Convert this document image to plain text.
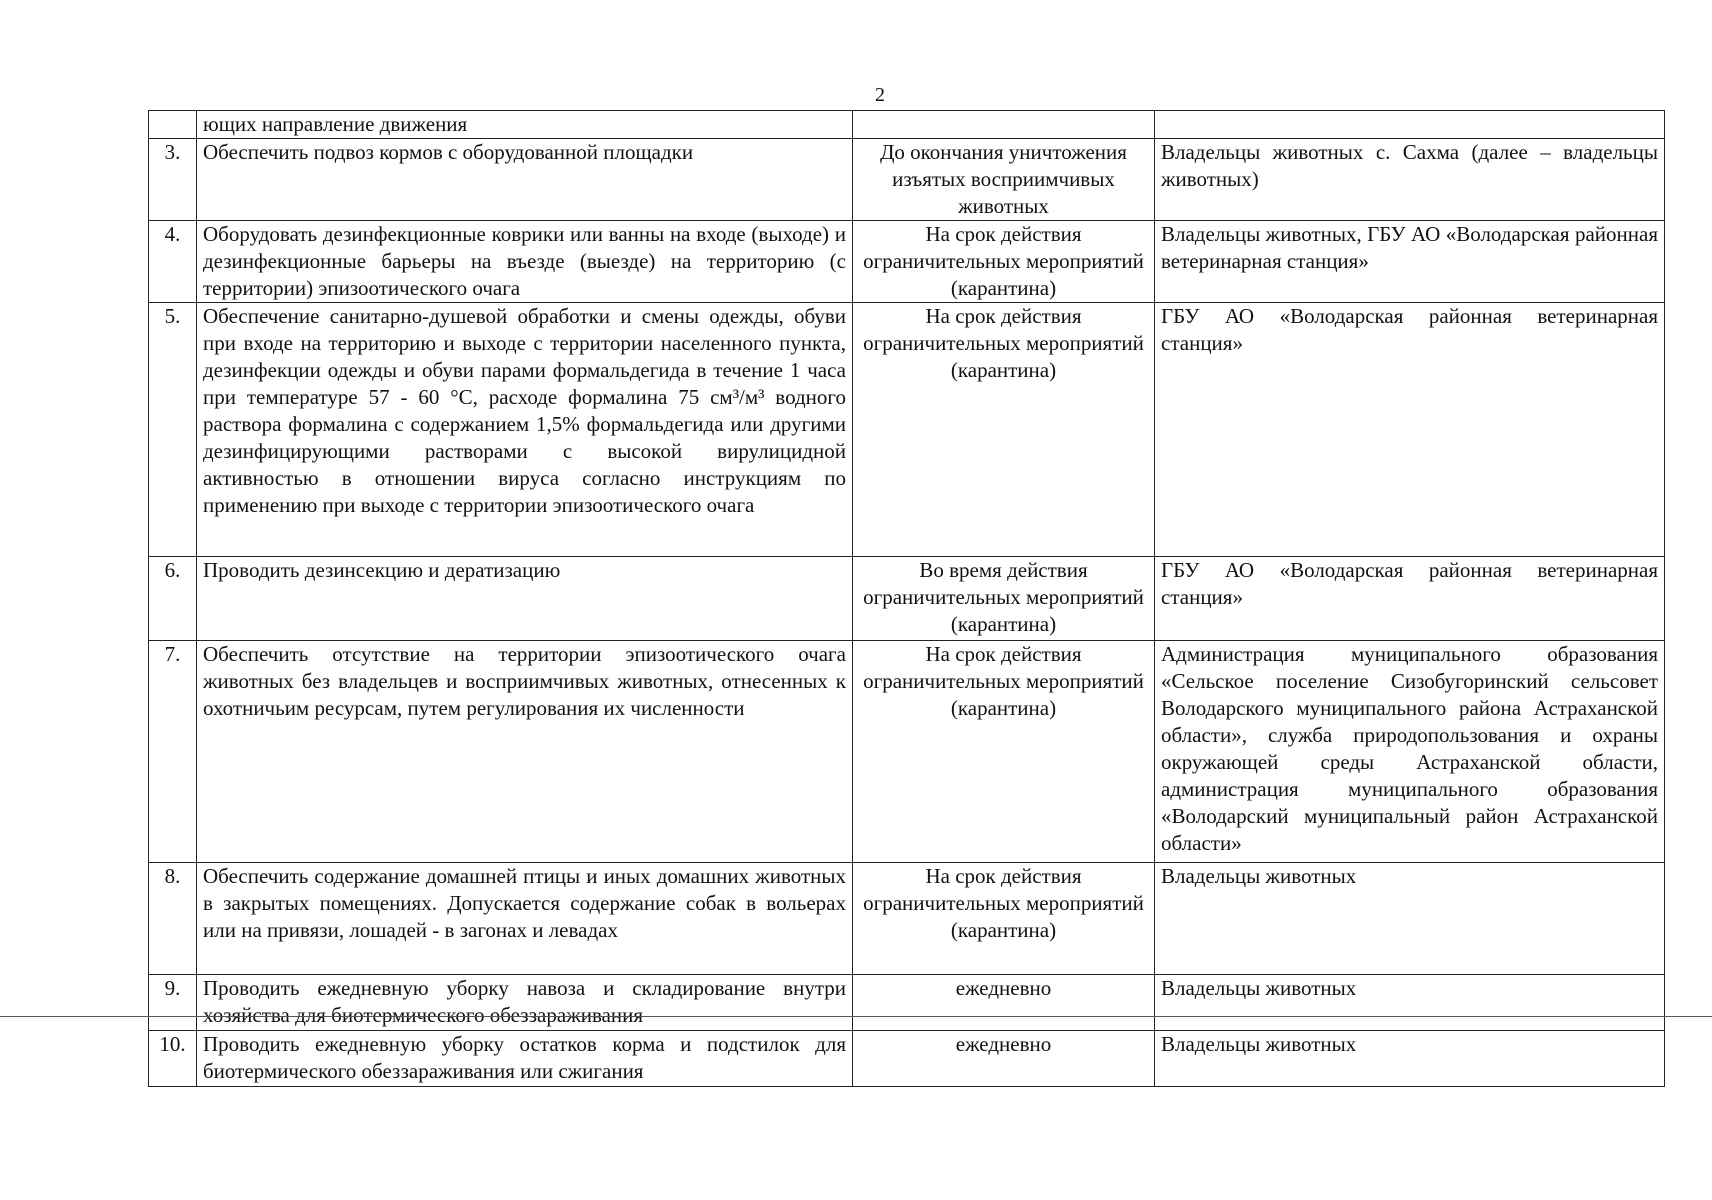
2
	ющих направление движения		
3.	Обеспечить подвоз кормов с оборудованной площадки	До окончания уничтожения изъятых восприимчивых животных	Владельцы животных с. Сахма (далее – владельцы животных)
4.	Оборудовать дезинфекционные коврики или ванны на входе (выходе) и дезинфекционные барьеры на въезде (выезде) на территорию (с территории) эпизоотического очага	На срок действия ограничительных мероприятий (карантина)	Владельцы животных, ГБУ АО «Володарская районная ветеринарная станция»
5.	Обеспечение санитарно-душевой обработки и смены одежды, обуви при входе на территорию и выходе с территории населенного пункта, дезинфекции одежды и обуви парами формальдегида в течение 1 часа при температуре 57 - 60 °С, расходе формалина 75 см³/м³ водного раствора формалина с содержанием 1,5% формальдегида или другими дезинфицирующими растворами с высокой вирулицидной активностью в отношении вируса согласно инструкциям по применению при выходе с территории эпизоотического очага	На срок действия ограничительных мероприятий (карантина)	ГБУ АО «Володарская районная ветеринарная станция»
6.	Проводить дезинсекцию и дератизацию	Во время действия ограничительных мероприятий (карантина)	ГБУ АО «Володарская районная ветеринарная станция»
7.	Обеспечить отсутствие на территории эпизоотического очага животных без владельцев и восприимчивых животных, отнесенных к охотничьим ресурсам, путем регулирования их численности	На срок действия ограничительных мероприятий (карантина)	Администрация муниципального образования «Сельское поселение Сизобугоринский сельсовет Володарского муниципального района Астраханской области», служба природопользования и охраны окружающей среды Астраханской области, администрация муниципального образования «Володарский муниципальный район Астраханской области»
8.	Обеспечить содержание домашней птицы и иных домашних животных в закрытых помещениях. Допускается содержание собак в вольерах или на привязи, лошадей - в загонах и левадах	На срок действия ограничительных мероприятий (карантина)	Владельцы животных
9.	Проводить ежедневную уборку навоза и складирование внутри хозяйства для биотермического обеззараживания	ежедневно	Владельцы животных
10.	Проводить ежедневную уборку остатков корма и подстилок для биотермического обеззараживания или сжигания	ежедневно	Владельцы животных
